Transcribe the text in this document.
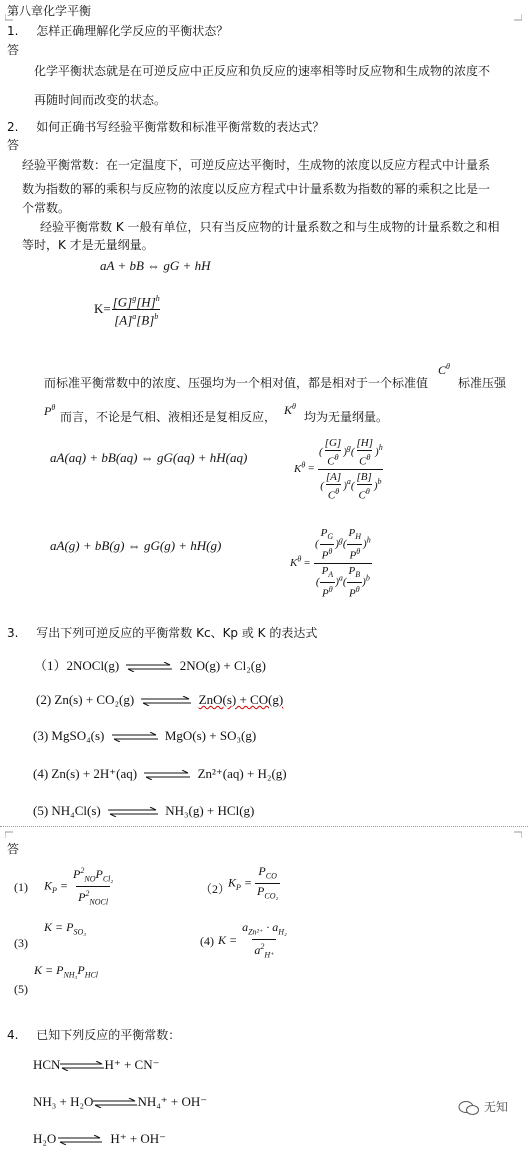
第八章化学平衡
1. 怎样正确理解化学反应的平衡状态？
答
化学平衡状态就是在可逆反应中正反应和负反应的速率相等时反应物和生成物的浓度不
再随时间而改变的状态。
2. 如何正确书写经验平衡常数和标准平衡常数的表达式？
答
经验平衡常数：在一定温度下，可逆反应达平衡时，生成物的浓度以反应方程式中计量系
数为指数的幂的乘积与反应物的浓度以反应方程式中计量系数为指数的幂的乘积之比是一
个常数。
经验平衡常数 K 一般有单位，只有当反应物的计量系数之和与生成物的计量系数之和相
等时，K 才是无量纲量。
aA + bB ⇔ gG + hH
$K= \frac{[G]^g[H]^h}{[A]^a[B]^b}$
而标准平衡常数中的浓度、压强均为一个相对值，都是相对于一个标准值
$C^\theta$
标准压强
$P^\theta$
而言，不论是气相、液相还是复相反应， $K^\theta$
均为无量纲量。
aA(aq) + bB(aq) ⇔ gG(aq) + hH(aq)
$K^\theta = \frac{( \frac{[G]}{C^\theta} )^g( \frac{[H]}{C^\theta} )^h}{( \frac{[A]}{C^\theta} )^a( \frac{[B]}{C^\theta} )^b}$
aA(g) + bB(g) ⇔ gG(g) + hH(g)
$K^\theta = \frac{( \frac{P_G}{P^\theta} )^g( \frac{P_H}{P^\theta} )^h}{( \frac{P_A}{P^\theta} )^a( \frac{P_B}{P^\theta} )^b}$
3. 写出下列可逆反应的平衡常数 Kc、Kp 或 K 的表达式
（1）2NOCl(g) ⇌ 2NO(g) + Cl₂(g)
(2) Zn(s) + CO₂(g) ⇌ ZnO(s) + CO(g)
(3) MgSO₄(s) ⇌ MgO(s) + SO₃(g)
(4) Zn(s) + 2H⁺(aq) ⇌ Zn²⁺(aq) + H₂(g)
(5) NH₄Cl(s) ⇌ NH₃(g) + HCl(g)
答
(1) $K_P = \frac{P^2_{NO}P_{Cl_2}}{P^2_{NOCl}}$	（2）
$K_P = \frac{P_{CO}}{P_{CO_2}}$
$K = P_{SO_3}$
(3)	(4) $K = \frac{a_{Zn^{2+}} \cdot a_{H_2}}{a^2_{H^+}}$
$K = P_{NH_3}P_{HCl}$
(5)
4. 已知下列反应的平衡常数：
HCN⇌H⁺ + CN⁻
NH₃ + H₂O⇌NH₄⁺ + OH⁻
H₂O ⇌ H⁺ + OH⁻
无知
